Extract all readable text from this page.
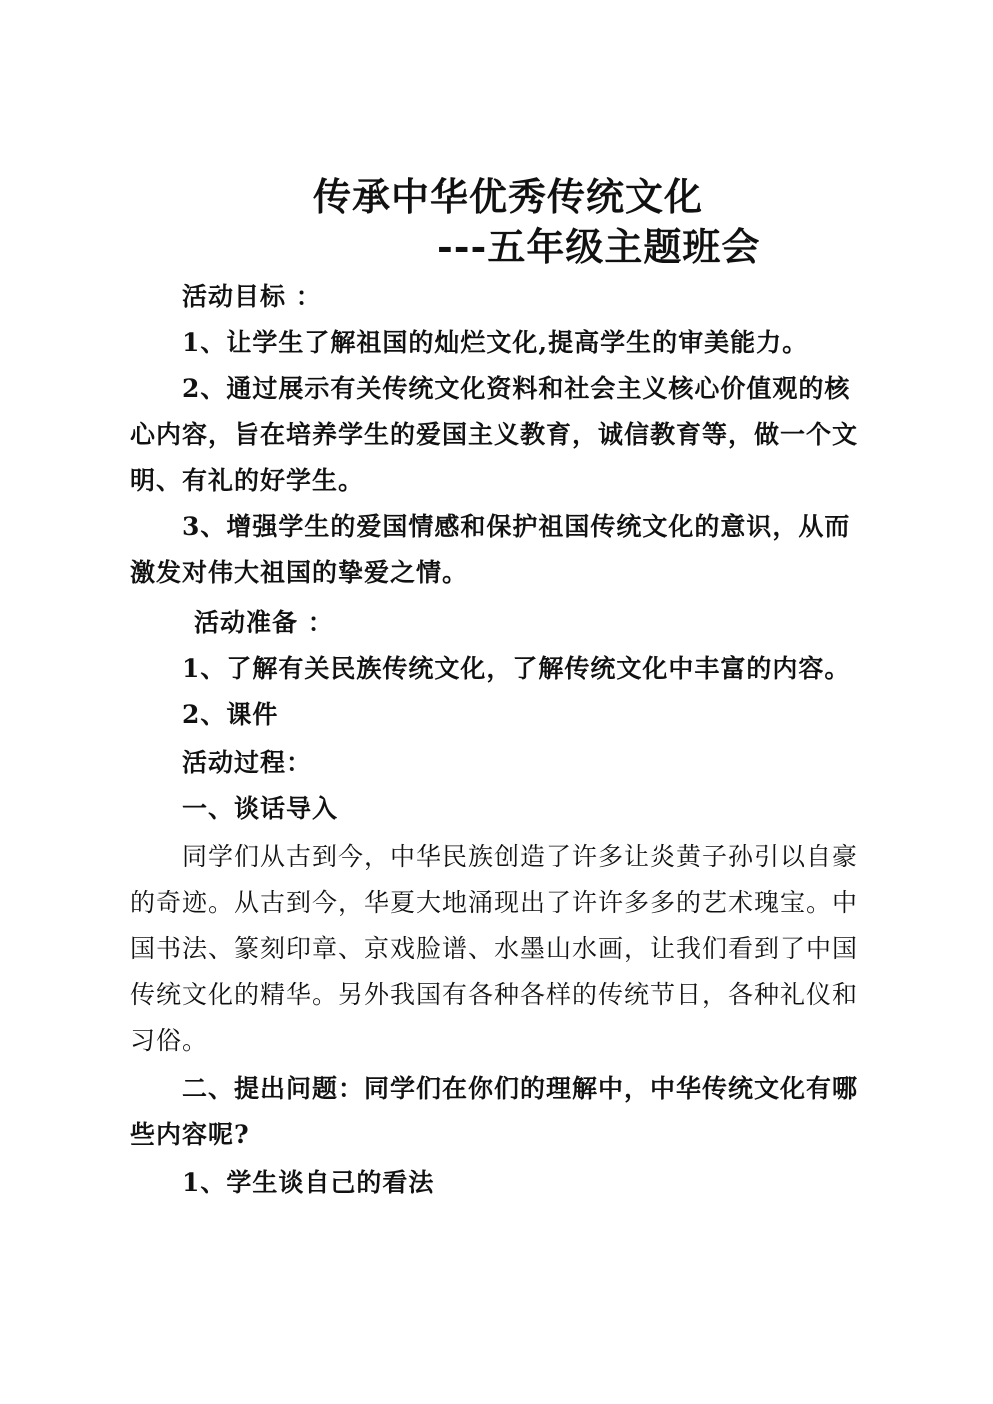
传承中华优秀传统文化
---五年级主题班会
活动目标 ：
1、让学生了解祖国的灿烂文化,提高学生的审美能力。
2、通过展示有关传统文化资料和社会主义核心价值观的核心内容，旨在培养学生的爱国主义教育，诚信教育等，做一个文明、有礼的好学生。
3、增强学生的爱国情感和保护祖国传统文化的意识，从而激发对伟大祖国的挚爱之情。
活动准备 ：
1、了解有关民族传统文化，了解传统文化中丰富的内容。
2、课件
活动过程：
一、谈话导入
同学们从古到今，中华民族创造了许多让炎黄子孙引以自豪的奇迹。从古到今，华夏大地涌现出了许许多多的艺术瑰宝。中国书法、篆刻印章、京戏脸谱、水墨山水画，让我们看到了中国传统文化的精华。另外我国有各种各样的传统节日，各种礼仪和习俗。
二、提出问题：同学们在你们的理解中，中华传统文化有哪些内容呢?
1、学生谈自己的看法
